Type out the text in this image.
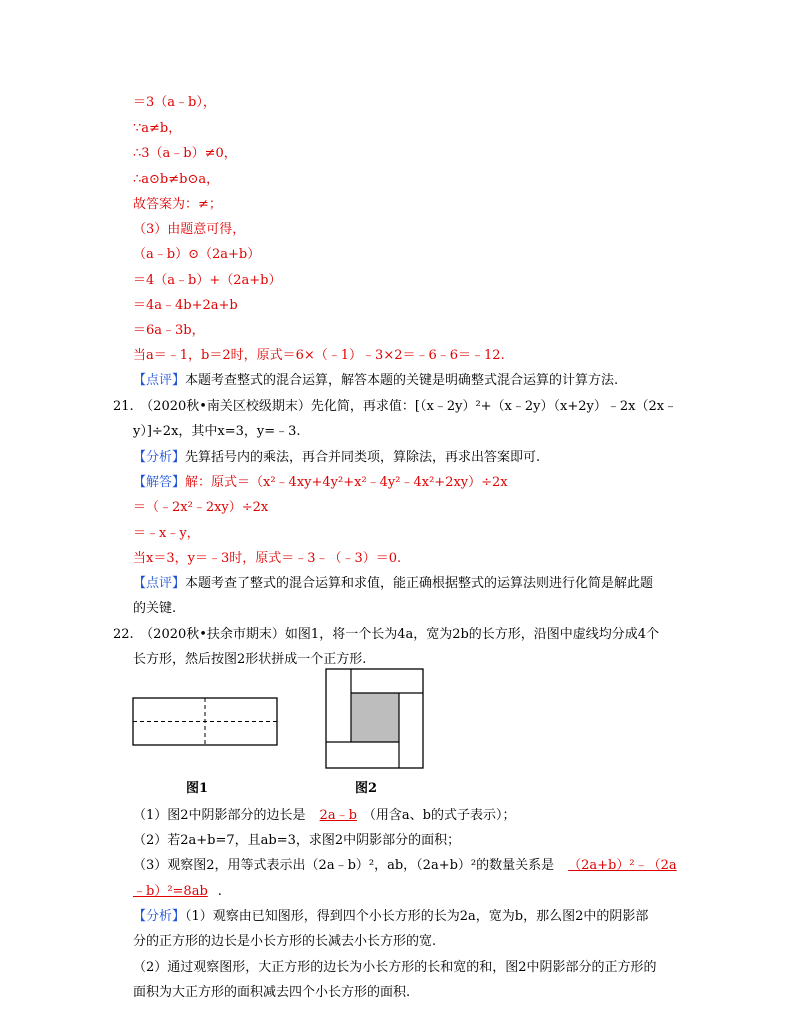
＝3（a﹣b），
∵a≠b，
∴3（a﹣b）≠0，
∴a⊙b≠b⊙a，
故答案为：≠；
（3）由题意可得，
（a﹣b）⊙（2a+b）
＝4（a﹣b）+（2a+b）
＝4a﹣4b+2a+b
＝6a﹣3b，
当a＝﹣1，b＝2时，原式＝6×（﹣1）﹣3×2＝﹣6﹣6＝﹣12.
【点评】本题考查整式的混合运算，解答本题的关键是明确整式混合运算的计算方法.
21.　（2020秋•南关区校级期末）先化简，再求值：[（x﹣2y）²+（x﹣2y）（x+2y）﹣2x（2x﹣
y）]÷2x，其中x=3，y=﹣3.
【分析】先算括号内的乘法，再合并同类项，算除法，再求出答案即可.
【解答】解：原式＝（x²﹣4xy+4y²+x²﹣4y²﹣4x²+2xy）÷2x
＝（﹣2x²﹣2xy）÷2x
＝﹣x﹣y，
当x＝3，y＝﹣3时，原式＝﹣3﹣（﹣3）＝0.
【点评】本题考查了整式的混合运算和求值，能正确根据整式的运算法则进行化简是解此题
的关键.
22.　（2020秋•扶余市期末）如图1，将一个长为4a，宽为2b的长方形，沿图中虚线均分成4个
长方形，然后按图2形状拼成一个正方形.
图1	图2
（1）图2中阴影部分的边长是 2a﹣b （用含a、b的式子表示）；
（2）若2a+b=7，且ab=3，求图2中阴影部分的面积；
（3）观察图2，用等式表示出（2a﹣b）²，ab，（2a+b）²的数量关系是 （2a+b）²﹣（2a
﹣b）²=8ab .
【分析】（1）观察由已知图形，得到四个小长方形的长为2a，宽为b，那么图2中的阴影部
分的正方形的边长是小长方形的长减去小长方形的宽.
（2）通过观察图形，大正方形的边长为小长方形的长和宽的和，图2中阴影部分的正方形的
面积为大正方形的面积减去四个小长方形的面积.
